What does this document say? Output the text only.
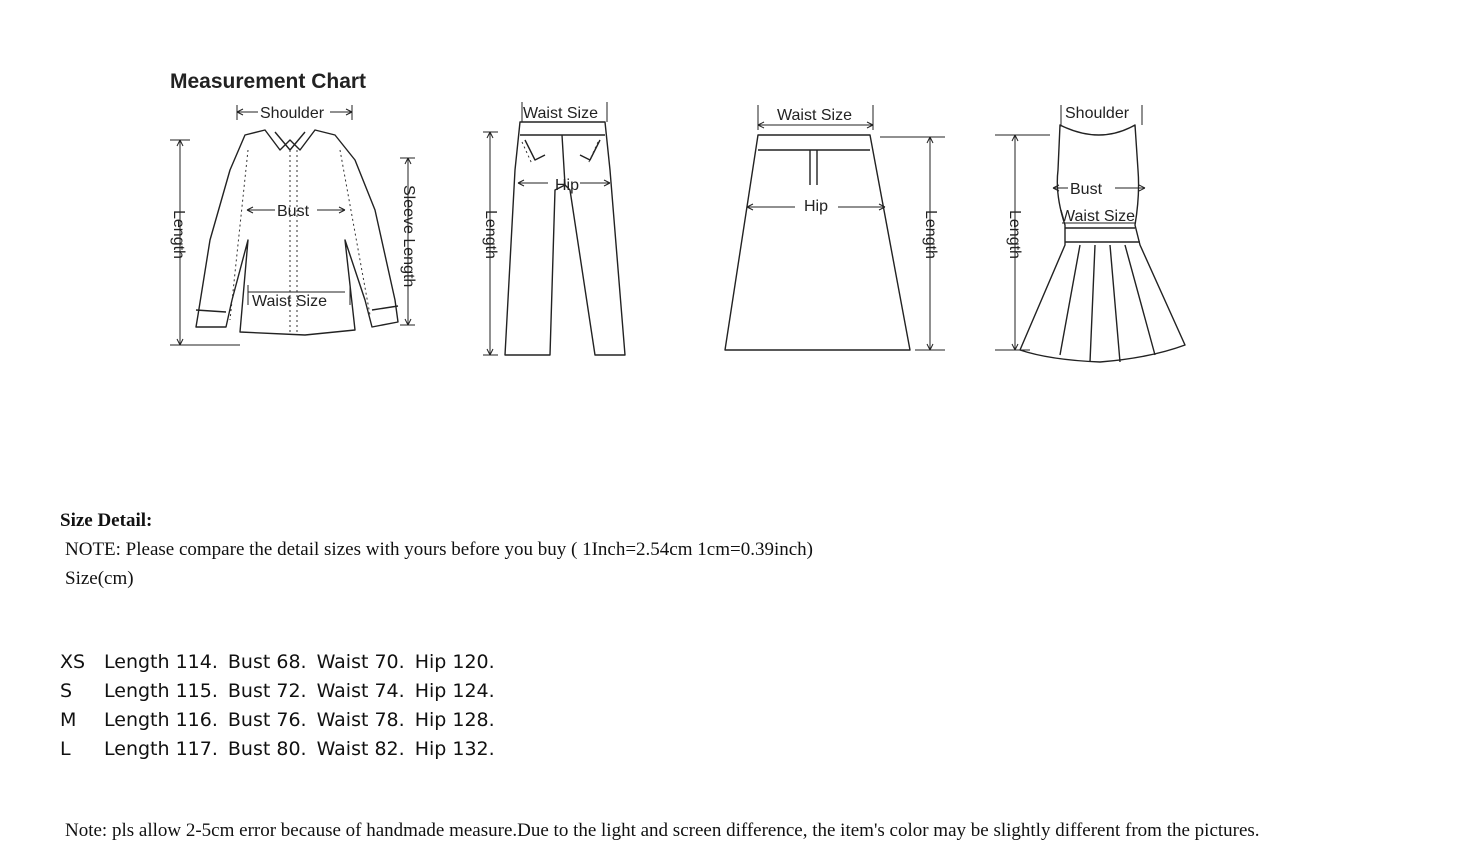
Measurement Chart
Shoulder
Bust
Waist Size
Length	Sleeve Length
Waist Size
Hip
Length
Waist Size
Hip
Length
Shoulder
Bust
Waist Size
Length
Size Detail:
NOTE: Please compare the detail sizes with yours before you buy ( 1Inch=2.54cm 1cm=0.39inch)
Size(cm)
XS Length 114. Bust 68. Waist 70. Hip 120.
S	Length 115. Bust 72. Waist 74. Hip 124.
M	Length 116. Bust 76. Waist 78. Hip 128.
L	Length 117. Bust 80. Waist 82. Hip 132.
Note: pls allow 2-5cm error because of handmade measure.Due to the light and screen difference, the item's color may be slightly different from the pictures.
